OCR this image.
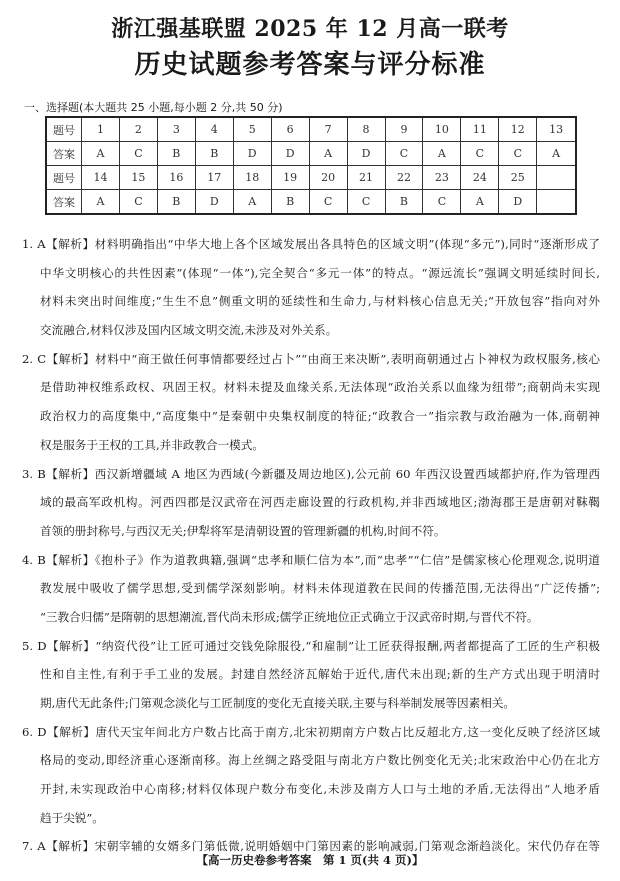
浙江强基联盟 2025 年 12 月高一联考
历史试题参考答案与评分标准
一、选择题(本大题共 25 小题,每小题 2 分,共 50 分)
题号	1	2	3	4	5	6	7	8	9	10	11	12	13
答案	A	C	B	B	D	D	A	D	C	A	C	C	A
题号	14	15	16	17	18	19	20	21	22	23	24	25	
答案	A	C	B	D	A	B	C	C	B	C	A	D	
1. A【解析】材料明确指出“中华大地上各个区域发展出各具特色的区域文明”(体现“多元”),同时“逐渐形成了
中华文明核心的共性因素”(体现“一体”),完全契合“多元一体”的特点。“源远流长”强调文明延续时间长,
材料未突出时间维度;“生生不息”侧重文明的延续性和生命力,与材料核心信息无关;“开放包容”指向对外
交流融合,材料仅涉及国内区域文明交流,未涉及对外关系。
2. C【解析】材料中“商王做任何事情都要经过占卜”“由商王来决断”,表明商朝通过占卜神权为政权服务,核心
是借助神权维系政权、巩固王权。材料未提及血缘关系,无法体现“政治关系以血缘为纽带”;商朝尚未实现
政治权力的高度集中,“高度集中”是秦朝中央集权制度的特征;“政教合一”指宗教与政治融为一体,商朝神
权是服务于王权的工具,并非政教合一模式。
3. B【解析】西汉新增疆域 A 地区为西域(今新疆及周边地区),公元前 60 年西汉设置西域都护府,作为管理西
域的最高军政机构。河西四郡是汉武帝在河西走廊设置的行政机构,并非西域地区;渤海郡王是唐朝对靺鞨
首领的册封称号,与西汉无关;伊犁将军是清朝设置的管理新疆的机构,时间不符。
4. B【解析】《抱朴子》作为道教典籍,强调“忠孝和顺仁信为本”,而“忠孝”“仁信”是儒家核心伦理观念,说明道
教发展中吸收了儒学思想,受到儒学深刻影响。材料未体现道教在民间的传播范围,无法得出“广泛传播”;
“三教合归儒”是隋朝的思想潮流,晋代尚未形成;儒学正统地位正式确立于汉武帝时期,与晋代不符。
5. D【解析】“纳资代役”让工匠可通过交钱免除服役,“和雇制”让工匠获得报酬,两者都提高了工匠的生产积极
性和自主性,有利于手工业的发展。封建自然经济瓦解始于近代,唐代未出现;新的生产方式出现于明清时
期,唐代无此条件;门第观念淡化与工匠制度的变化无直接关联,主要与科举制发展等因素相关。
6. D【解析】唐代天宝年间北方户数占比高于南方,北宋初期南方户数占比反超北方,这一变化反映了经济区域
格局的变动,即经济重心逐渐南移。海上丝绸之路受阻与南北方户数比例变化无关;北宋政治中心仍在北方
开封,未实现政治中心南移;材料仅体现户数分布变化,未涉及南方人口与土地的矛盾,无法得出“人地矛盾
趋于尖锐”。
7. A【解析】宋朝宰辅的女婿多门第低微,说明婚姻中门第因素的影响减弱,门第观念渐趋淡化。宋代仍存在等
【高一历史卷参考答案　第 1 页(共 4 页)】
